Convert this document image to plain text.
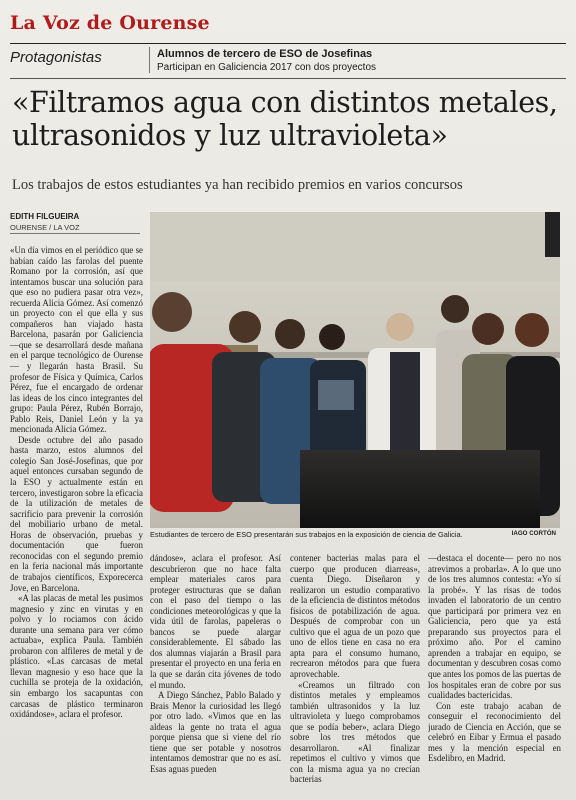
La Voz de Ourense
Protagonistas	Alumnos de tercero de ESO de Josefinas
Participan en Galiciencia 2017 con dos proyectos
«Filtramos agua con distintos metales, ultrasonidos y luz ultravioleta»
Los trabajos de estos estudiantes ya han recibido premios en varios concursos
EDITH FILGUEIRA
OURENSE / LA VOZ

«Un día vimos en el periódico que se habían caído las farolas del puente Romano por la corrosión, así que intentamos buscar una solución para que eso no pudiera pasar otra vez», recuerda Alicia Gómez. Así comenzó un proyecto con el que ella y sus compañeros han viajado hasta Barcelona, pasarán por Galiciencia —que se desarrollará desde mañana en el parque tecnológico de Ourense— y llegarán hasta Brasil. Su profesor de Física y Química, Carlos Pérez, fue el encargado de ordenar las ideas de los cinco integrantes del grupo: Paula Pérez, Rubén Borrajo, Pablo Reis, Daniel León y la ya mencionada Alicia Gómez.

Desde octubre del año pasado hasta marzo, estos alumnos del colegio San José-Josefinas, que por aquel entonces cursaban segundo de la ESO y actualmente están en tercero, investigaron sobre la eficacia de la utilización de metales de sacrificio para prevenir la corrosión del mobiliario urbano de metal. Horas de observación, pruebas y documentación que fueron reconocidas con el segundo premio en la feria nacional más importante de trabajos científicos, Exporecerca Jove, en Barcelona.

«A las placas de metal les pusimos magnesio y zinc en virutas y en polvo y lo rociamos con ácido durante una semana para ver cómo actuaba», explica Paula. También probaron con alfileres de metal y de plástico. «Las carcasas de metal llevan magnesio y eso hace que la cuchilla se proteja de la oxidación, sin embargo los sacapuntas con carcasas de plástico terminaron oxidándose», aclara el profesor.

Estudiantes de tercero de ESO presentarán sus trabajos en la exposición de ciencia de Galicia.	IAGO CORTÓN

dándose», aclara el profesor. Así descubrieron que no hace falta emplear materiales caros para proteger estructuras que se dañan con el paso del tiempo o las condiciones meteorológicas y que la vida útil de farolas, papeleras o bancos se puede alargar considerablemente. El sábado las dos alumnas viajarán a Brasil para presentar el proyecto en una feria en la que se darán cita jóvenes de todo el mundo.

A Diego Sánchez, Pablo Balado y Brais Menor la curiosidad les llegó por otro lado. «Vimos que en las aldeas la gente no trata el agua porque piensa que si viene del río tiene que ser potable y nosotros intentamos demostrar que no es así. Esas aguas pueden

contener bacterias malas para el cuerpo que producen diarreas», cuenta Diego. Diseñaron y realizaron un estudio comparativo de la eficiencia de distintos métodos físicos de potabilización de agua. Después de comprobar con un cultivo que el agua de un pozo que uno de ellos tiene en casa no era apta para el consumo humano, recrearon métodos para que fuera aprovechable.

«Creamos un filtrado con distintos metales y empleamos también ultrasonidos y la luz ultravioleta y luego comprobamos que se podía beber», aclara Diego sobre los tres métodos que desarrollaron. «Al finalizar repetimos el cultivo y vimos que con la misma agua ya no crecían bacterias

—destaca el docente— pero no nos atrevimos a probarla». A lo que uno de los tres alumnos contesta: «Yo sí la probé». Y las risas de todos invaden el laboratorio de un centro que participará por primera vez en Galiciencia, pero que ya está preparando sus proyectos para el próximo año. Por el camino aprenden a trabajar en equipo, se documentan y descubren cosas como que antes los pomos de las puertas de los hospitales eran de cobre por sus cualidades bactericidas.

Con este trabajo acaban de conseguir el reconocimiento del jurado de Ciencia en Acción, que se celebró en Eibar y Ermua el pasado mes y la mención especial en Esdelibro, en Madrid.
